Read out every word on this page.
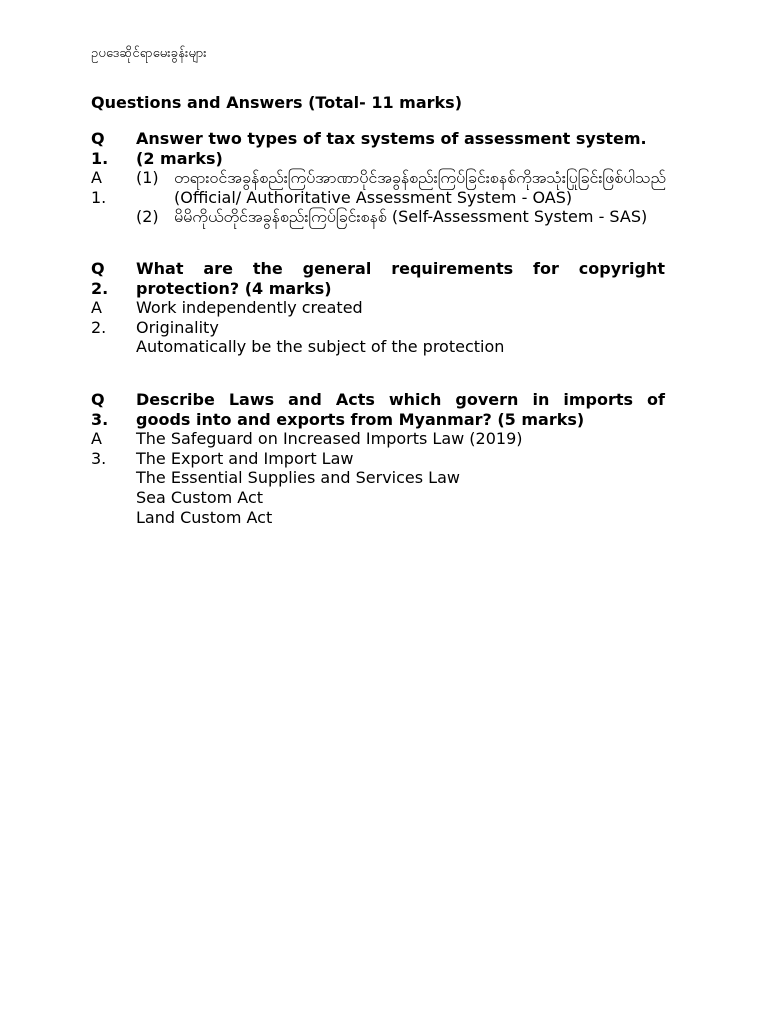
ဥပဒေဆိုင်ရာမေးခွန်းများ
Questions and Answers (Total- 11 marks)
Q
1.
Answer two types of tax systems of assessment system.
(2 marks)
A
1.
(1) တရားဝင်အခွန်စည်းကြပ် အာဏာပိုင်အခွန်စည်းကြပ်ခြင်း စနစ်ကိုအသုံးပြုခြင်းဖြစ်ပါသည်
(Official/ Authoritative Assessment System - OAS)
(2) မိမိကိုယ်တိုင်အခွန်စည်းကြပ်ခြင်းစနစ် (Self-Assessment System - SAS)
Q
2.
What are the general requirements for copyright
protection? (4 marks)
A
2.
Work independently created
Originality
Automatically be the subject of the protection
Q
3.
Describe Laws and Acts which govern in imports of
goods into and exports from Myanmar? (5 marks)
A
3.
The Safeguard on Increased Imports Law (2019)
The Export and Import Law
The Essential Supplies and Services Law
Sea Custom Act
Land Custom Act
